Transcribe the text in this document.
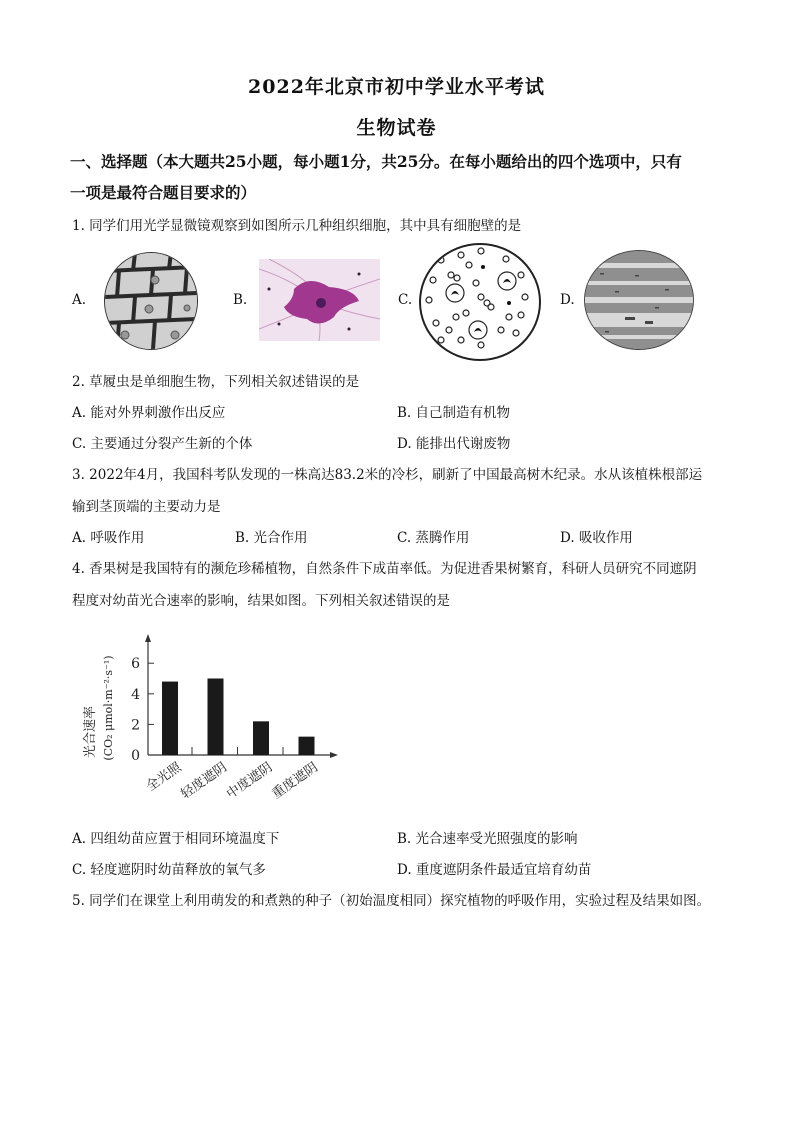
2022年北京市初中学业水平考试
生物试卷
一、选择题（本大题共25小题，每小题1分，共25分。在每小题给出的四个选项中，只有
一项是最符合题目要求的）
1. 同学们用光学显微镜观察到如图所示几种组织细胞，其中具有细胞壁的是
A.	B.	C.	D.
2. 草履虫是单细胞生物，下列相关叙述错误的是
A. 能对外界刺激作出反应	B. 自己制造有机物
C. 主要通过分裂产生新的个体	D. 能排出代谢废物
3. 2022年4月，我国科考队发现的一株高达83.2米的冷杉，刷新了中国最高树木纪录。水从该植株根部运
输到茎顶端的主要动力是
A. 呼吸作用	B. 光合作用	C. 蒸腾作用	D. 吸收作用
4. 香果树是我国特有的濒危珍稀植物，自然条件下成苗率低。为促进香果树繁育，科研人员研究不同遮阴
程度对幼苗光合速率的影响，结果如图。下列相关叙述错误的是
光合速率 (CO₂ μmol·m⁻²·s⁻¹) 0
2
4
6
全光照
轻度遮阴
中度遮阴
重度遮阴
A. 四组幼苗应置于相同环境温度下	B. 光合速率受光照强度的影响
C. 轻度遮阴时幼苗释放的氧气多	D. 重度遮阴条件最适宜培育幼苗
5. 同学们在课堂上利用萌发的和煮熟的种子（初始温度相同）探究植物的呼吸作用，实验过程及结果如图。
